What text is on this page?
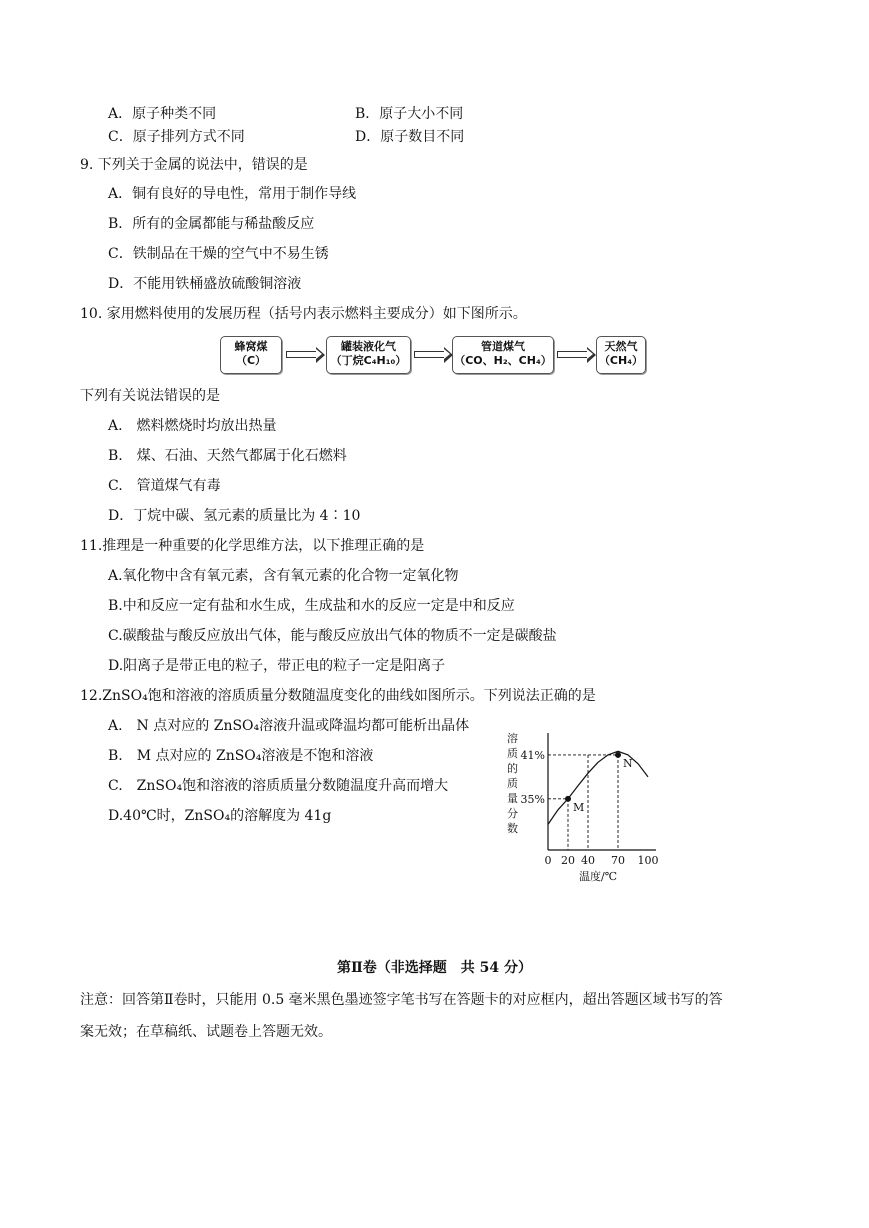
A．原子种类不同	B．原子大小不同
C．原子排列方式不同	D．原子数目不同
9. 下列关于金属的说法中，错误的是
A．铜有良好的导电性，常用于制作导线
B．所有的金属都能与稀盐酸反应
C．铁制品在干燥的空气中不易生锈
D．不能用铁桶盛放硫酸铜溶液
10. 家用燃料使用的发展历程（括号内表示燃料主要成分）如下图所示。
蜂窝煤
（C）
罐装液化气
（丁烷C₄H₁₀）
管道煤气
（CO、H₂、CH₄）
天然气
（CH₄）
下列有关说法错误的是
A.　燃料燃烧时均放出热量
B.　煤、石油、天然气都属于化石燃料
C.　管道煤气有毒
D．丁烷中碳、氢元素的质量比为 4∶10
11.推理是一种重要的化学思维方法，以下推理正确的是
A.氧化物中含有氧元素，含有氧元素的化合物一定氧化物
B.中和反应一定有盐和水生成，生成盐和水的反应一定是中和反应
C.碳酸盐与酸反应放出气体，能与酸反应放出气体的物质不一定是碳酸盐
D.阳离子是带正电的粒子，带正电的粒子一定是阳离子
12.ZnSO₄饱和溶液的溶质质量分数随温度变化的曲线如图所示。下列说法正确的是
A.　N 点对应的 ZnSO₄溶液升温或降温均都可能析出晶体
B.　M 点对应的 ZnSO₄溶液是不饱和溶液
C.　ZnSO₄饱和溶液的溶质质量分数随温度升高而增大
D.40℃时，ZnSO₄的溶解度为 41g
溶
质
的
质
量
分
数
M
N
35%
41%
0 20 40 70 100
温度/℃
第Ⅱ卷（非选择题　共 54 分）
注意：回答第Ⅱ卷时，只能用 0.5 毫米黑色墨迹签字笔书写在答题卡的对应框内，超出答题区域书写的答
案无效；在草稿纸、试题卷上答题无效。
